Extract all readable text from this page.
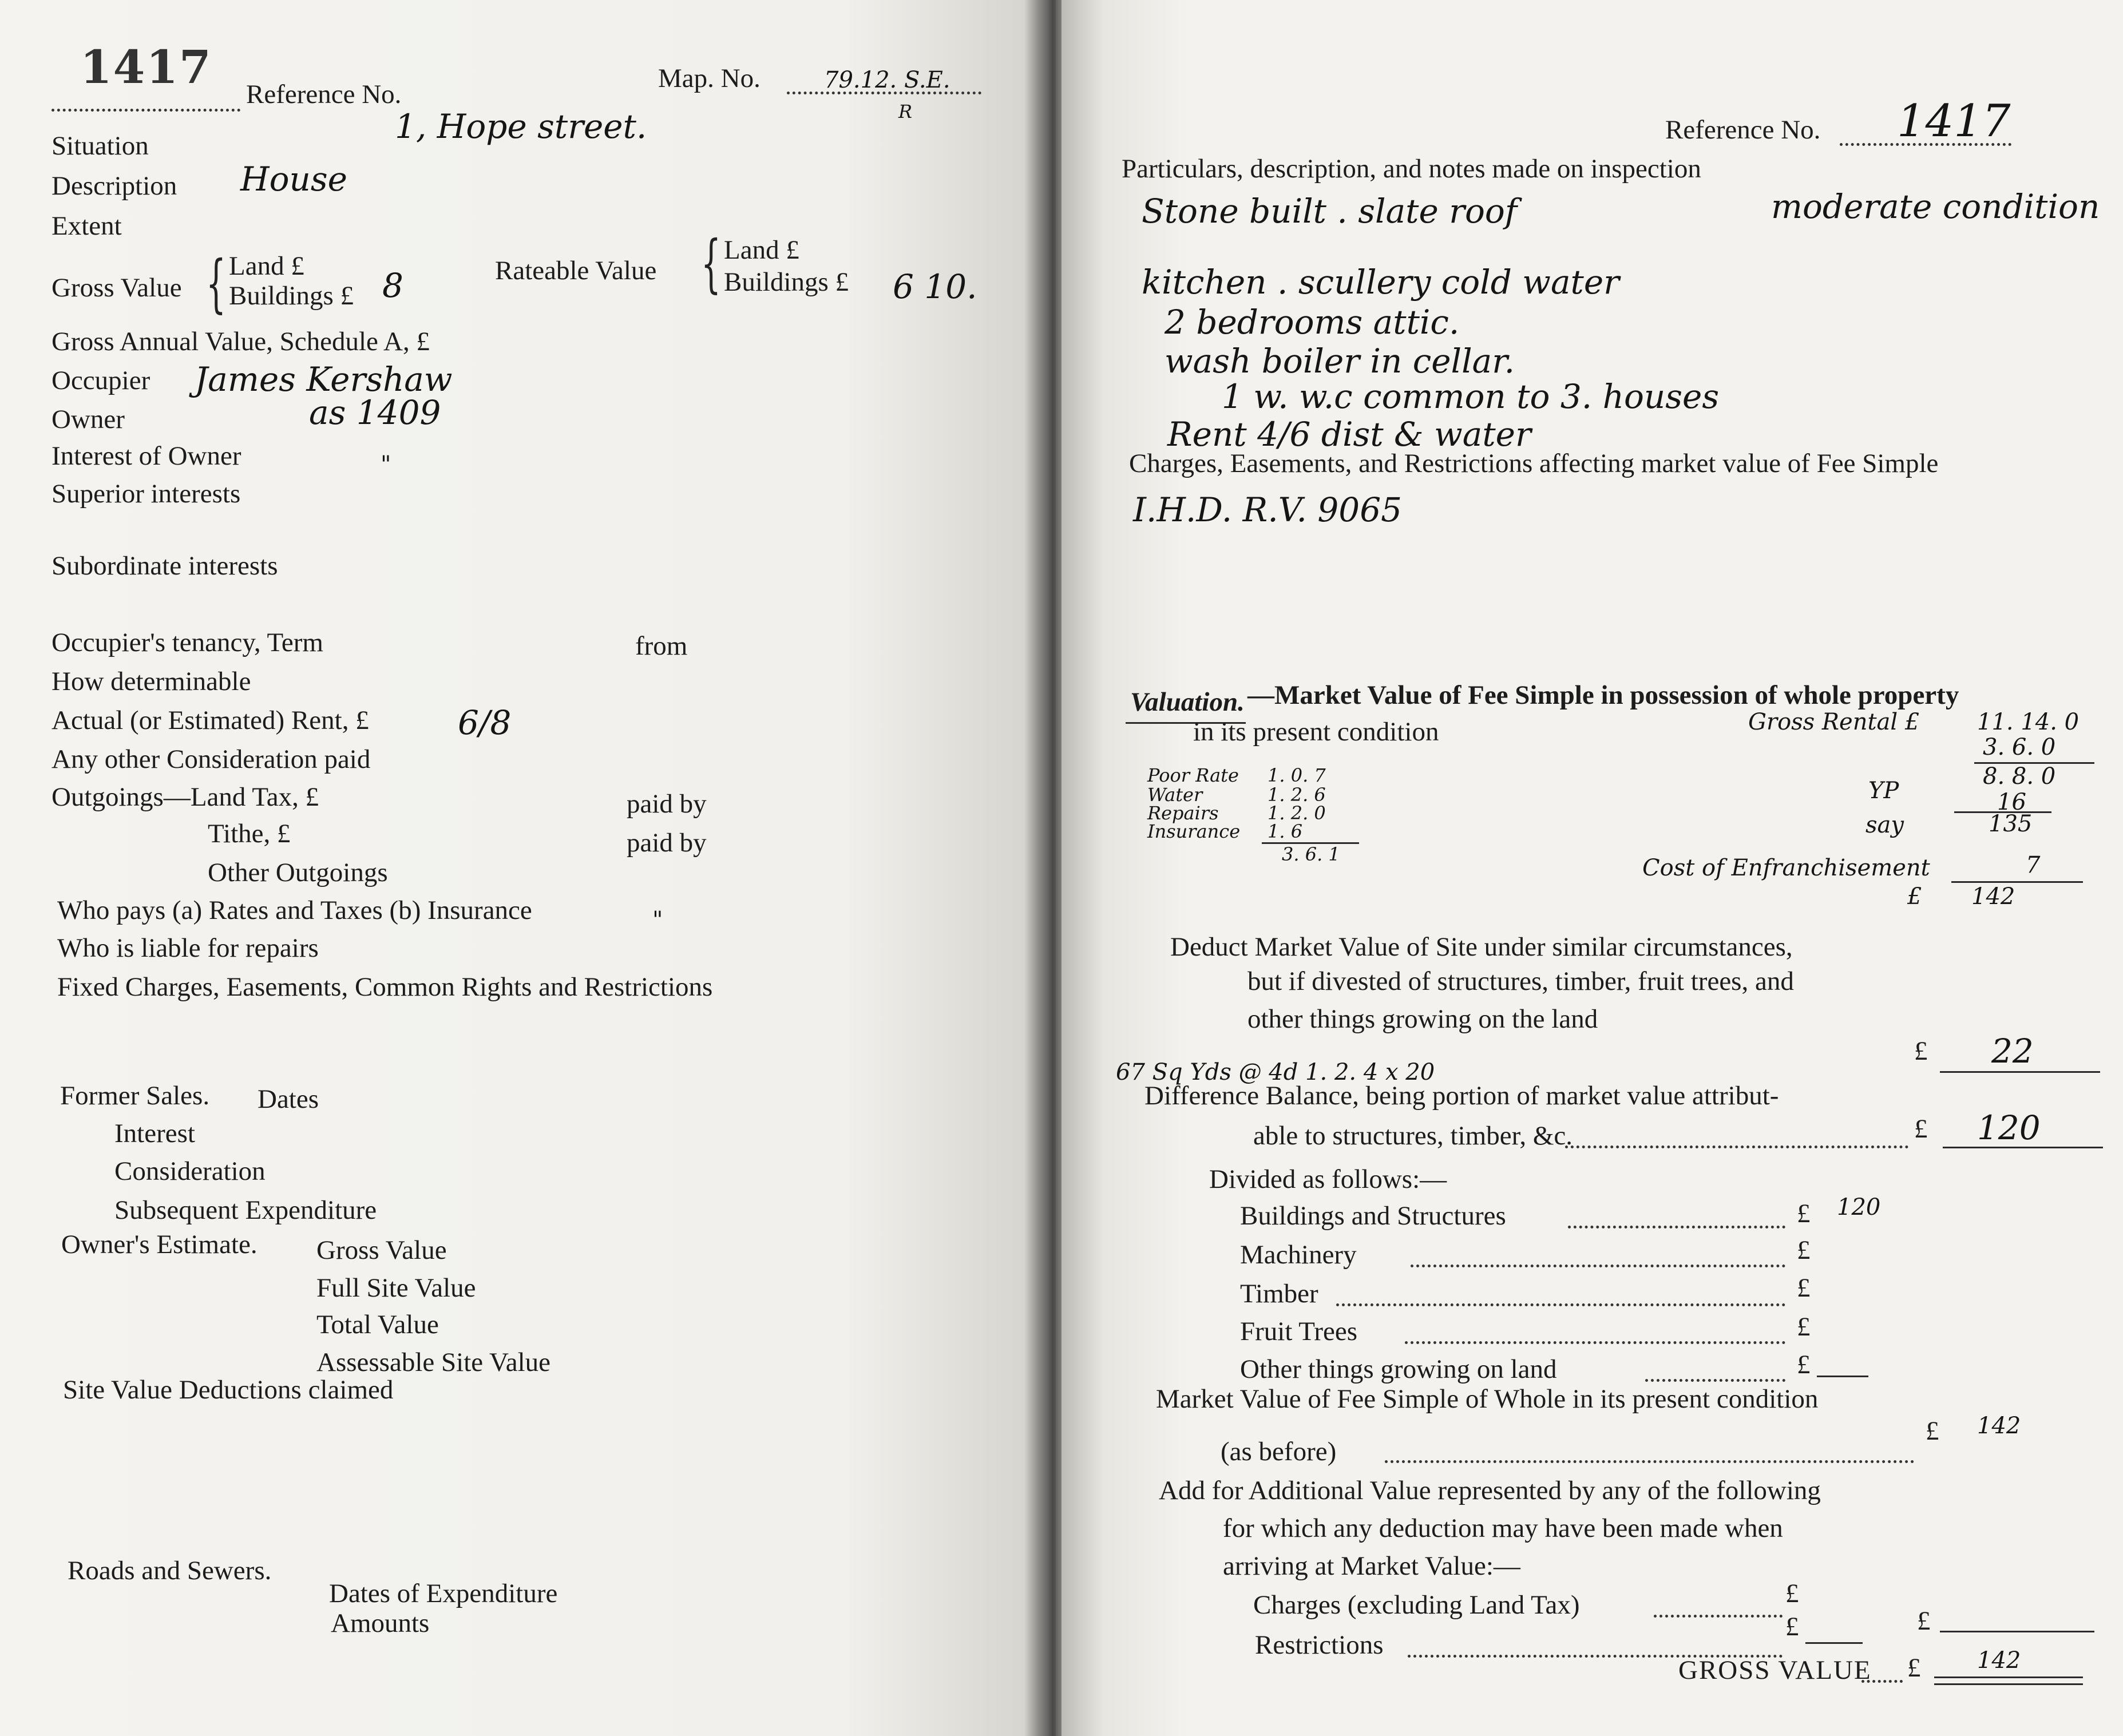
1417
Reference No.
Map. No.	79.12. S.E.
R
Situation	1, Hope street.
Description House
Extent
Gross Value { Land £
Buildings £ 8	Rateable Value { Land £
Buildings £ 6 10.
Gross Annual Value, Schedule A, £
Occupier James Kershaw
Owner	as 1409
Interest of Owner	"
Superior interests
Subordinate interests
Occupier's tenancy, Term	from
How determinable
Actual (or Estimated) Rent, £	6/8
Any other Consideration paid
Outgoings—Land Tax, £	paid by
Tithe, £	paid by
Other Outgoings
Who pays (a) Rates and Taxes (b) Insurance	"
Who is liable for repairs
Fixed Charges, Easements, Common Rights and Restrictions
Former Sales. Dates
Interest
Consideration
Subsequent Expenditure
Owner's Estimate. Gross Value
Full Site Value
Total Value
Assessable Site Value
Site Value Deductions claimed
Roads and Sewers.
Dates of Expenditure
Amounts
Reference No. 1417
Particulars, description, and notes made on inspection
Stone built . slate roof	moderate condition
kitchen . scullery cold water
2 bedrooms attic.
wash boiler in cellar.
1 w. w.c common to 3. houses
Rent 4/6 dist & water
Charges, Easements, and Restrictions affecting market value of Fee Simple
I.H.D. R.V. 9065
Valuation. —Market Value of Fee Simple in possession of whole property
in its present condition	Gross Rental £	11. 14. 0
3. 6. 0
8. 8. 0
YP	16
say	135
Cost of Enfranchisement	7
£ 142
Poor Rate 1. 0. 7
Water	1. 2. 6
Repairs	1. 2. 0
Insurance 1. 6
3. 6. 1
Deduct Market Value of Site under similar circumstances,
but if divested of structures, timber, fruit trees, and
other things growing on the land
£ 22
67 Sq Yds @ 4d 1. 2. 4 x 20
Difference Balance, being portion of market value attribut-
able to structures, timber, &c.	£ 120
Divided as follows:—
Buildings and Structures	£ 120
Machinery	£
Timber	£
Fruit Trees	£
Other things growing on land	£
Market Value of Fee Simple of Whole in its present condition
(as before)
£ 142
Add for Additional Value represented by any of the following
for which any deduction may have been made when
arriving at Market Value:—
Charges (excluding Land Tax)	£
Restrictions
£	£
GROSS VALUE £ 142
